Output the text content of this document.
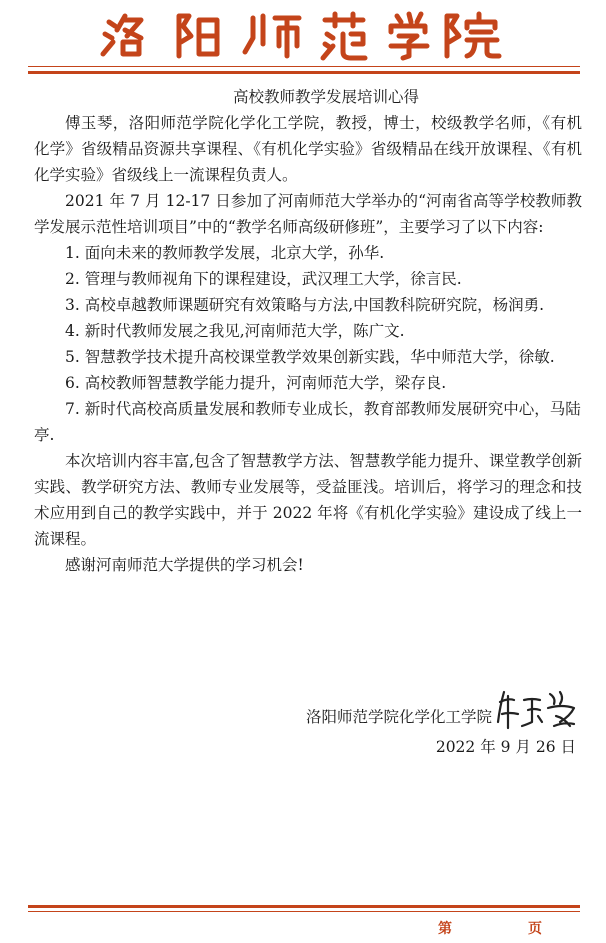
高校教师教学发展培训心得

傅玉琴，洛阳师范学院化学化工学院，教授，博士，校级教学名师，《有机化学》省级精品资源共享课程、《有机化学实验》省级精品在线开放课程、《有机化学实验》省级线上一流课程负责人。

2021 年 7 月 12-17 日参加了河南师范大学举办的“河南省高等学校教师教学发展示范性培训项目”中的“教学名师高级研修班”，主要学习了以下内容:

1. 面向未来的教师教学发展，北京大学，孙华.

2. 管理与教师视角下的课程建设，武汉理工大学，徐言民.

3. 高校卓越教师课题研究有效策略与方法,中国教科院研究院，杨润勇.

4. 新时代教师发展之我见,河南师范大学，陈广文.

5. 智慧教学技术提升高校课堂教学效果创新实践，华中师范大学，徐敏.

6. 高校教师智慧教学能力提升，河南师范大学，梁存良.

7. 新时代高校高质量发展和教师专业成长，教育部教师发展研究中心，马陆亭.

本次培训内容丰富,包含了智慧教学方法、智慧教学能力提升、课堂教学创新实践、教学研究方法、教师专业发展等，受益匪浅。培训后，将学习的理念和技术应用到自己的教学实践中，并于 2022 年将《有机化学实验》建设成了线上一流课程。

感谢河南师范大学提供的学习机会!

洛阳师范学院化学化工学院
2022 年 9 月 26 日
第	页
